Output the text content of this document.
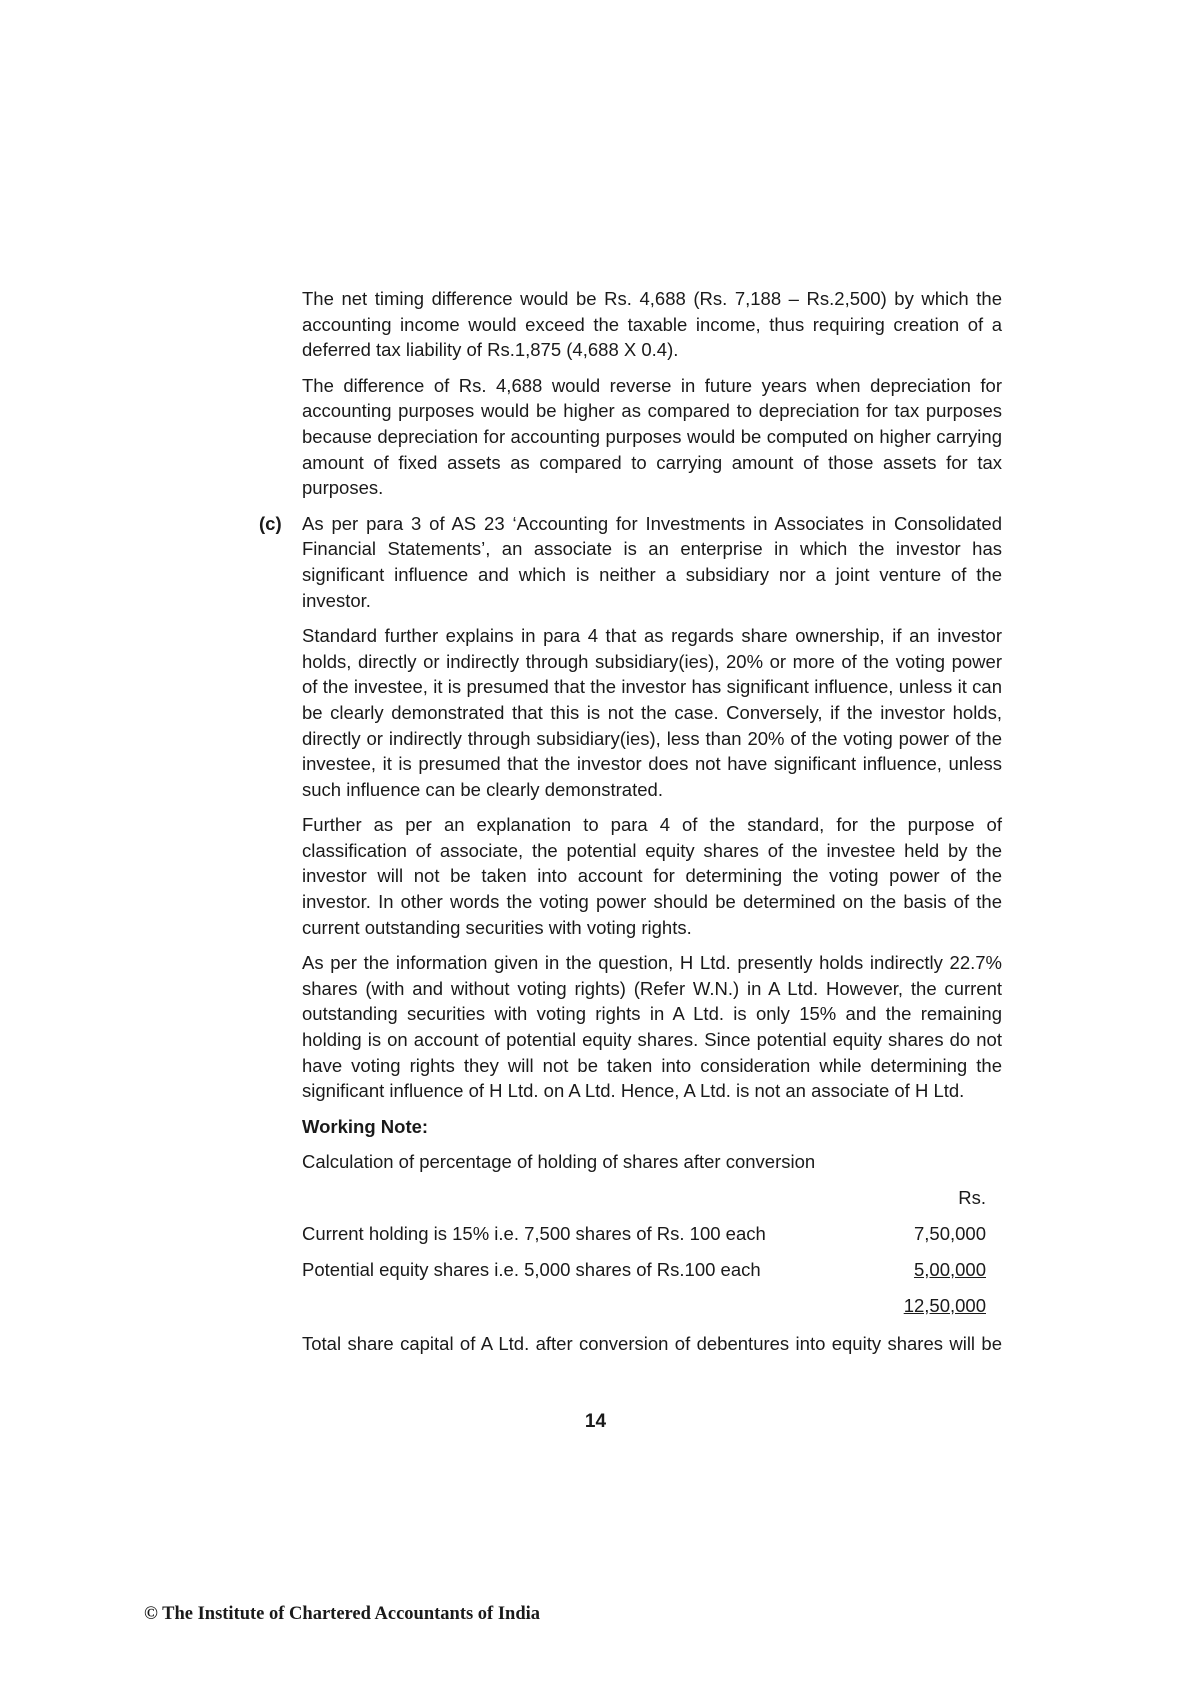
The net timing difference would be Rs. 4,688 (Rs. 7,188 – Rs.2,500) by which the accounting income would exceed the taxable income, thus requiring creation of a deferred tax liability of Rs.1,875 (4,688 X 0.4).

The difference of Rs. 4,688 would reverse in future years when depreciation for accounting purposes would be higher as compared to depreciation for tax purposes because depreciation for accounting purposes would be computed on higher carrying amount of fixed assets as compared to carrying amount of those assets for tax purposes.

(c) As per para 3 of AS 23 ‘Accounting for Investments in Associates in Consolidated Financial Statements’, an associate is an enterprise in which the investor has significant influence and which is neither a subsidiary nor a joint venture of the investor.

Standard further explains in para 4 that as regards share ownership, if an investor holds, directly or indirectly through subsidiary(ies), 20% or more of the voting power of the investee, it is presumed that the investor has significant influence, unless it can be clearly demonstrated that this is not the case. Conversely, if the investor holds, directly or indirectly through subsidiary(ies), less than 20% of the voting power of the investee, it is presumed that the investor does not have significant influence, unless such influence can be clearly demonstrated.

Further as per an explanation to para 4 of the standard, for the purpose of classification of associate, the potential equity shares of the investee held by the investor will not be taken into account for determining the voting power of the investor. In other words the voting power should be determined on the basis of the current outstanding securities with voting rights.

As per the information given in the question, H Ltd. presently holds indirectly 22.7% shares (with and without voting rights) (Refer W.N.) in A Ltd. However, the current outstanding securities with voting rights in A Ltd. is only 15% and the remaining holding is on account of potential equity shares. Since potential equity shares do not have voting rights they will not be taken into consideration while determining the significant influence of H Ltd. on A Ltd. Hence, A Ltd. is not an associate of H Ltd.

Working Note:
Calculation of percentage of holding of shares after conversion
Rs.
Current holding is 15% i.e. 7,500 shares of Rs. 100 each	7,50,000
Potential equity shares i.e. 5,000 shares of Rs.100 each	5,00,000
12,50,000
Total share capital of A Ltd. after conversion of debentures into equity shares will be
14
© The Institute of Chartered Accountants of India
